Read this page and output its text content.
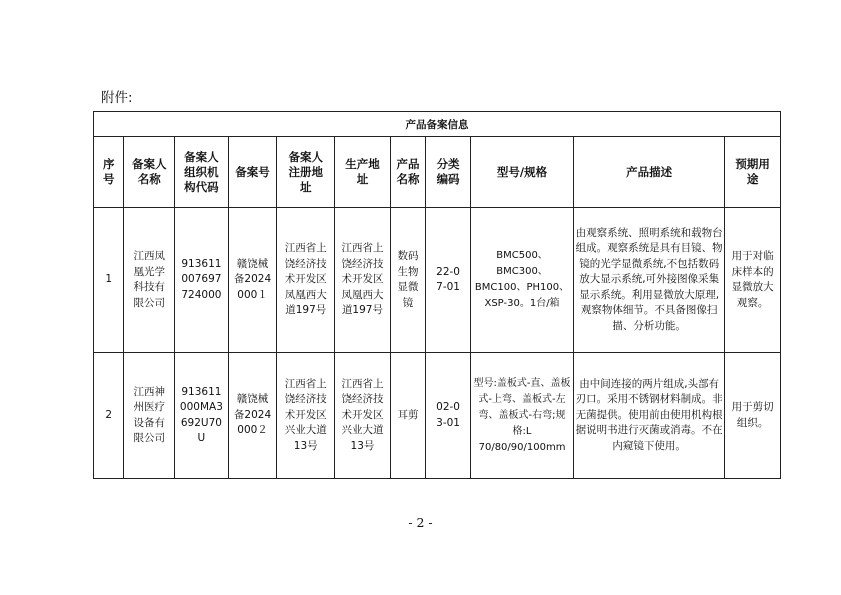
附件:
产品备案信息										
序号	备案人名称	备案人组织机构代码	备案号	备案人注册地址	生产地址	产品名称	分类编码	型号/规格	产品描述	预期用途
1	江西凤凰光学科技有限公司	913611007697724000	赣饶械备2024000１	江西省上饶经济技术开发区凤凰西大道197号	江西省上饶经济技术开发区凤凰西大道197号	数码生物显微镜	22-07-01	BMC500、BMC300、BMC100、PH100、XSP-30。1台/箱	由观察系统、照明系统和载物台组成。观察系统是具有目镜、物镜的光学显微系统,不包括数码放大显示系统,可外接图像采集显示系统。利用显微放大原理,观察物体细节。不具备图像扫描、分析功能。	用于对临床样本的显微放大观察。
2	江西神州医疗设备有限公司	913611000MA3692U70U	赣饶械备2024000２	江西省上饶经济技术开发区兴业大道13号	江西省上饶经济技术开发区兴业大道13号	耳剪	02-03-01	型号:盖板式-直、盖板式-上弯、盖板式-左弯、盖板式-右弯;规格:L 70/80/90/100mm	由中间连接的两片组成,头部有刃口。采用不锈钢材料制成。非无菌提供。使用前由使用机构根据说明书进行灭菌或消毒。不在内窥镜下使用。	用于剪切组织。
- 2 -
